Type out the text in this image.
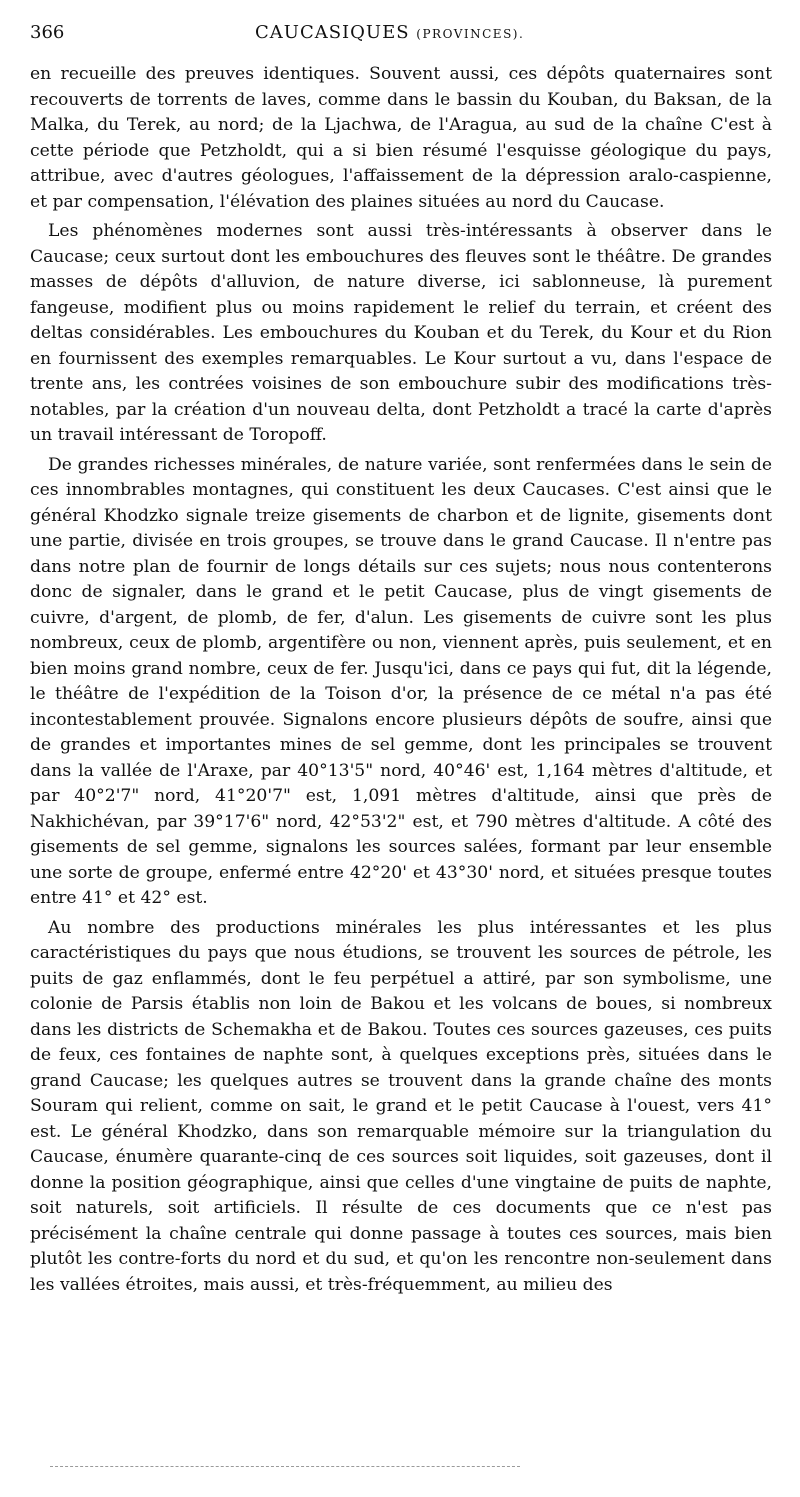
366	CAUCASIQUES (PROVINCES).

en recueille des preuves identiques. Souvent aussi, ces dépôts quaternaires sont recouverts de torrents de laves, comme dans le bassin du Kouban, du Baksan, de la Malka, du Terek, au nord; de la Ljachwa, de l'Aragua, au sud de la chaîne C'est à cette période que Petzholdt, qui a si bien résumé l'esquisse géologique du pays, attribue, avec d'autres géologues, l'affaissement de la dépression aralo-caspienne, et par compensation, l'élévation des plaines situées au nord du Caucase.

Les phénomènes modernes sont aussi très-intéressants à observer dans le Caucase; ceux surtout dont les embouchures des fleuves sont le théâtre. De grandes masses de dépôts d'alluvion, de nature diverse, ici sablonneuse, là purement fangeuse, modifient plus ou moins rapidement le relief du terrain, et créent des deltas considérables. Les embouchures du Kouban et du Terek, du Kour et du Rion en fournissent des exemples remarquables. Le Kour surtout a vu, dans l'espace de trente ans, les contrées voisines de son embouchure subir des modifications très-notables, par la création d'un nouveau delta, dont Petzholdt a tracé la carte d'après un travail intéressant de Toropoff.

De grandes richesses minérales, de nature variée, sont renfermées dans le sein de ces innombrables montagnes, qui constituent les deux Caucases. C'est ainsi que le général Khodzko signale treize gisements de charbon et de lignite, gisements dont une partie, divisée en trois groupes, se trouve dans le grand Caucase. Il n'entre pas dans notre plan de fournir de longs détails sur ces sujets; nous nous contenterons donc de signaler, dans le grand et le petit Caucase, plus de vingt gisements de cuivre, d'argent, de plomb, de fer, d'alun. Les gisements de cuivre sont les plus nombreux, ceux de plomb, argentifère ou non, viennent après, puis seulement, et en bien moins grand nombre, ceux de fer. Jusqu'ici, dans ce pays qui fut, dit la légende, le théâtre de l'expédition de la Toison d'or, la présence de ce métal n'a pas été incontestablement prouvée. Signalons encore plusieurs dépôts de soufre, ainsi que de grandes et importantes mines de sel gemme, dont les principales se trouvent dans la vallée de l'Araxe, par 40°13'5" nord, 40°46' est, 1,164 mètres d'altitude, et par 40°2'7" nord, 41°20'7" est, 1,091 mètres d'altitude, ainsi que près de Nakhichévan, par 39°17'6" nord, 42°53'2" est, et 790 mètres d'altitude. A côté des gisements de sel gemme, signalons les sources salées, formant par leur ensemble une sorte de groupe, enfermé entre 42°20' et 43°30' nord, et situées presque toutes entre 41° et 42° est.

Au nombre des productions minérales les plus intéressantes et les plus caractéristiques du pays que nous étudions, se trouvent les sources de pétrole, les puits de gaz enflammés, dont le feu perpétuel a attiré, par son symbolisme, une colonie de Parsis établis non loin de Bakou et les volcans de boues, si nombreux dans les districts de Schemakha et de Bakou. Toutes ces sources gazeuses, ces puits de feux, ces fontaines de naphte sont, à quelques exceptions près, situées dans le grand Caucase; les quelques autres se trouvent dans la grande chaîne des monts Souram qui relient, comme on sait, le grand et le petit Caucase à l'ouest, vers 41° est. Le général Khodzko, dans son remarquable mémoire sur la triangulation du Caucase, énumère quarante-cinq de ces sources soit liquides, soit gazeuses, dont il donne la position géographique, ainsi que celles d'une vingtaine de puits de naphte, soit naturels, soit artificiels. Il résulte de ces documents que ce n'est pas précisément la chaîne centrale qui donne passage à toutes ces sources, mais bien plutôt les contre-forts du nord et du sud, et qu'on les rencontre non-seulement dans les vallées étroites, mais aussi, et très-fréquemment, au milieu des
